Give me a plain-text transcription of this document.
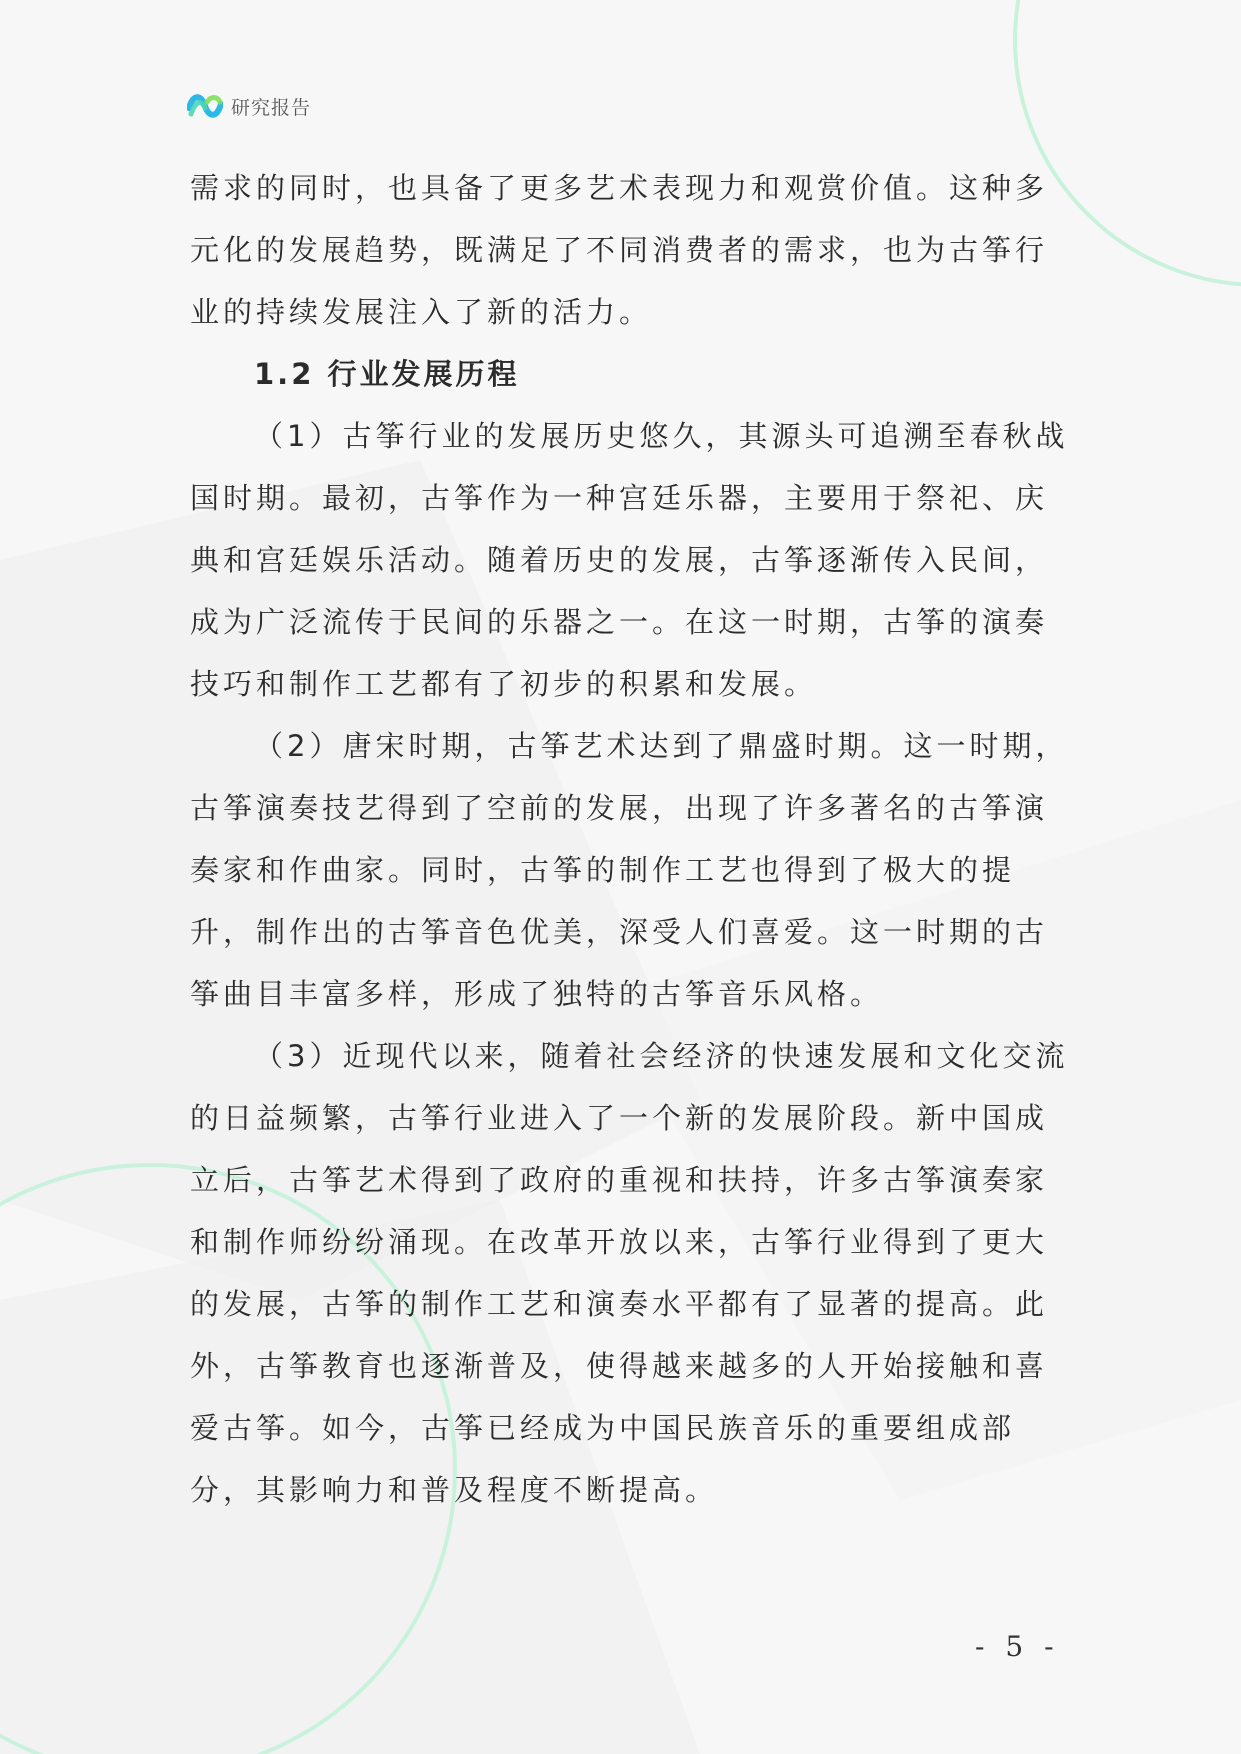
研究报告

需求的同时，也具备了更多艺术表现力和观赏价值。这种多元化的发展趋势，既满足了不同消费者的需求，也为古筝行业的持续发展注入了新的活力。

1.2 行业发展历程

（1）古筝行业的发展历史悠久，其源头可追溯至春秋战国时期。最初，古筝作为一种宫廷乐器，主要用于祭祀、庆典和宫廷娱乐活动。随着历史的发展，古筝逐渐传入民间，成为广泛流传于民间的乐器之一。在这一时期，古筝的演奏技巧和制作工艺都有了初步的积累和发展。

（2）唐宋时期，古筝艺术达到了鼎盛时期。这一时期，古筝演奏技艺得到了空前的发展，出现了许多著名的古筝演奏家和作曲家。同时，古筝的制作工艺也得到了极大的提升，制作出的古筝音色优美，深受人们喜爱。这一时期的古筝曲目丰富多样，形成了独特的古筝音乐风格。

（3）近现代以来，随着社会经济的快速发展和文化交流的日益频繁，古筝行业进入了一个新的发展阶段。新中国成立后，古筝艺术得到了政府的重视和扶持，许多古筝演奏家和制作师纷纷涌现。在改革开放以来，古筝行业得到了更大的发展，古筝的制作工艺和演奏水平都有了显著的提高。此外，古筝教育也逐渐普及，使得越来越多的人开始接触和喜爱古筝。如今，古筝已经成为中国民族音乐的重要组成部分，其影响力和普及程度不断提高。

- 5 -
